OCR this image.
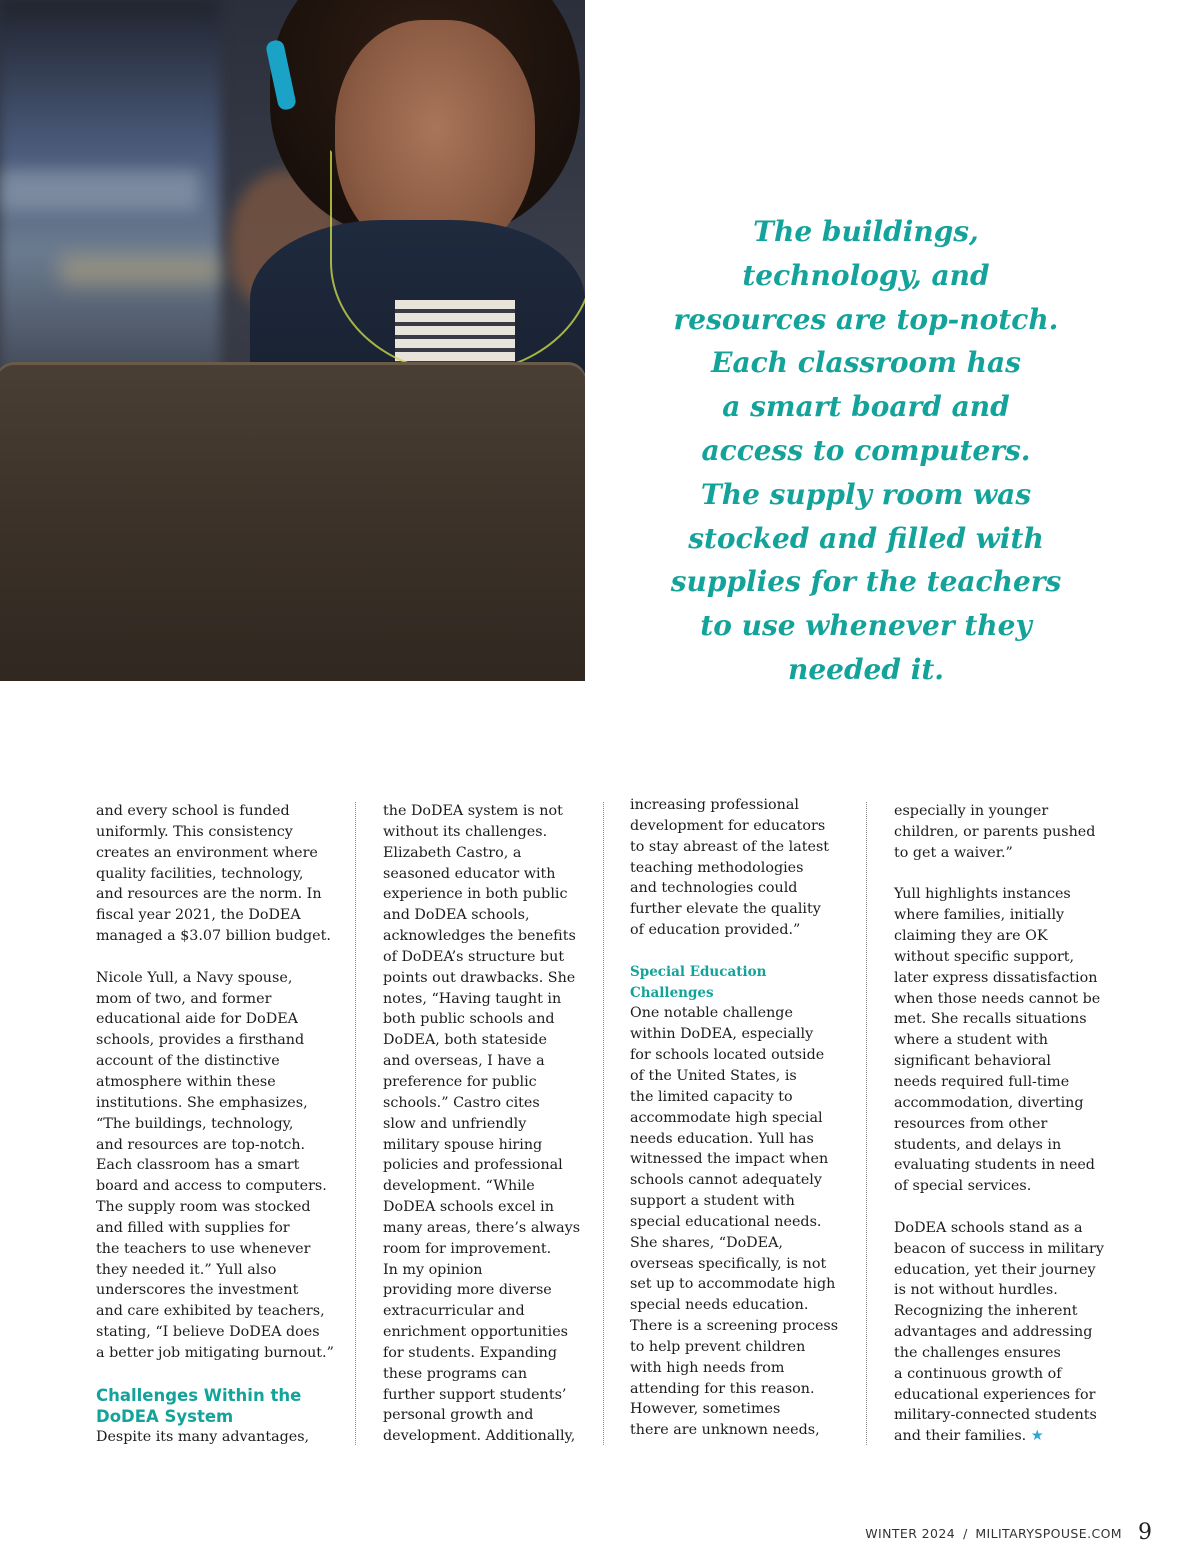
The buildings,
technology, and
resources are top-notch.
Each classroom has
a smart board and
access to computers.
The supply room was
stocked and filled with
supplies for the teachers
to use whenever they
needed it.
and every school is funded
uniformly. This consistency
creates an environment where
quality facilities, technology,
and resources are the norm. In
fiscal year 2021, the DoDEA
managed a $3.07 billion budget.
Nicole Yull, a Navy spouse,
mom of two, and former
educational aide for DoDEA
schools, provides a firsthand
account of the distinctive
atmosphere within these
institutions. She emphasizes,
“The buildings, technology,
and resources are top-notch.
Each classroom has a smart
board and access to computers.
The supply room was stocked
and filled with supplies for
the teachers to use whenever
they needed it.” Yull also
underscores the investment
and care exhibited by teachers,
stating, “I believe DoDEA does
a better job mitigating burnout.”
Challenges Within the
DoDEA System
Despite its many advantages,
the DoDEA system is not
without its challenges.
Elizabeth Castro, a
seasoned educator with
experience in both public
and DoDEA schools,
acknowledges the benefits
of DoDEA’s structure but
points out drawbacks. She
notes, “Having taught in
both public schools and
DoDEA, both stateside
and overseas, I have a
preference for public
schools.” Castro cites
slow and unfriendly
military spouse hiring
policies and professional
development. “While
DoDEA schools excel in
many areas, there’s always
room for improvement.
In my opinion
providing more diverse
extracurricular and
enrichment opportunities
for students. Expanding
these programs can
further support students’
personal growth and
development. Additionally,
increasing professional
development for educators
to stay abreast of the latest
teaching methodologies
and technologies could
further elevate the quality
of education provided.”
Special Education
Challenges
One notable challenge
within DoDEA, especially
for schools located outside
of the United States, is
the limited capacity to
accommodate high special
needs education. Yull has
witnessed the impact when
schools cannot adequately
support a student with
special educational needs.
She shares, “DoDEA,
overseas specifically, is not
set up to accommodate high
special needs education.
There is a screening process
to help prevent children
with high needs from
attending for this reason.
However, sometimes
there are unknown needs,
especially in younger
children, or parents pushed
to get a waiver.”
Yull highlights instances
where families, initially
claiming they are OK
without specific support,
later express dissatisfaction
when those needs cannot be
met. She recalls situations
where a student with
significant behavioral
needs required full-time
accommodation, diverting
resources from other
students, and delays in
evaluating students in need
of special services.
DoDEA schools stand as a
beacon of success in military
education, yet their journey
is not without hurdles.
Recognizing the inherent
advantages and addressing
the challenges ensures
a continuous growth of
educational experiences for
military-connected students
and their families. ★
WINTER 2024 / MILITARYSPOUSE.COM 9
